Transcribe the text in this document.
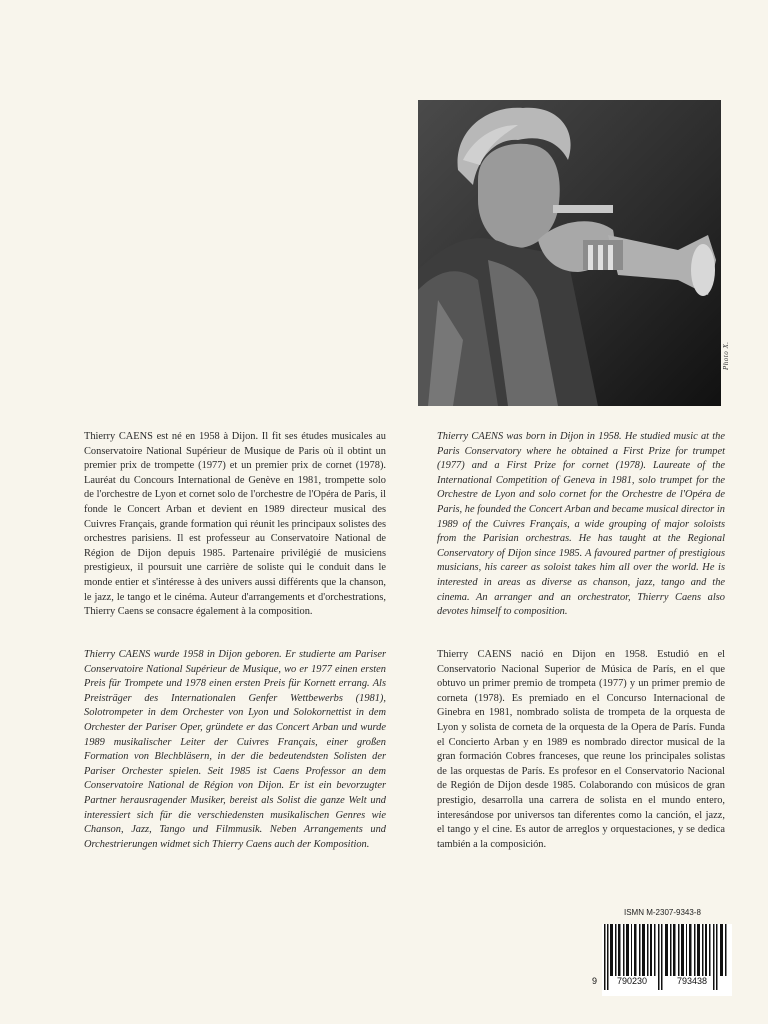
Photo X.

Thierry CAENS est né en 1958 à Dijon. Il fit ses études musicales au Conservatoire National Supérieur de Musique de Paris où il obtint un premier prix de trompette (1977) et un premier prix de cornet (1978). Lauréat du Concours International de Genève en 1981, trompette solo de l'orchestre de Lyon et cornet solo de l'orchestre de l'Opéra de Paris, il fonde le Concert Arban et devient en 1989 directeur musical des Cuivres Français, grande formation qui réunit les principaux solistes des orchestres parisiens. Il est professeur au Conservatoire National de Région de Dijon depuis 1985. Partenaire privilégié de musiciens prestigieux, il poursuit une carrière de soliste qui le conduit dans le monde entier et s'intéresse à des univers aussi différents que la chanson, le jazz, le tango et le cinéma. Auteur d'arrangements et d'orchestrations, Thierry Caens se consacre également à la composition.

Thierry CAENS was born in Dijon in 1958. He studied music at the Paris Conservatory where he obtained a First Prize for trumpet (1977) and a First Prize for cornet (1978). Laureate of the International Competition of Geneva in 1981, solo trumpet for the Orchestre de Lyon and solo cornet for the Orchestre de l'Opéra de Paris, he founded the Concert Arban and became musical director in 1989 of the Cuivres Français, a wide grouping of major soloists from the Parisian orchestras. He has taught at the Regional Conservatory of Dijon since 1985. A favoured partner of prestigious musicians, his career as soloist takes him all over the world. He is interested in areas as diverse as chanson, jazz, tango and the cinema. An arranger and an orchestrator, Thierry Caens also devotes himself to composition.

Thierry CAENS wurde 1958 in Dijon geboren. Er studierte am Pariser Conservatoire National Supérieur de Musique, wo er 1977 einen ersten Preis für Trompete und 1978 einen ersten Preis für Kornett errang. Als Preisträger des Internationalen Genfer Wettbewerbs (1981), Solotrompeter in dem Orchester von Lyon und Solokornettist in dem Orchester der Pariser Oper, gründete er das Concert Arban und wurde 1989 musikalischer Leiter der Cuivres Français, einer großen Formation von Blechbläsern, in der die bedeutendsten Solisten der Pariser Orchester spielen. Seit 1985 ist Caens Professor an dem Conservatoire National de Région von Dijon. Er ist ein bevorzugter Partner herausragender Musiker, bereist als Solist die ganze Welt und interessiert sich für die verschiedensten musikalischen Genres wie Chanson, Jazz, Tango und Filmmusik. Neben Arrangements und Orchestrierungen widmet sich Thierry Caens auch der Komposition.

Thierry CAENS nació en Dijon en 1958. Estudió en el Conservatorio Nacional Superior de Música de París, en el que obtuvo un primer premio de trompeta (1977) y un primer premio de corneta (1978). Es premiado en el Concurso Internacional de Ginebra en 1981, nombrado solista de trompeta de la orquesta de Lyon y solista de corneta de la orquesta de la Opera de París. Funda el Concierto Arban y en 1989 es nombrado director musical de la gran formación Cobres franceses, que reune los principales solistas de las orquestas de París. Es profesor en el Conservatorio Nacional de Región de Dijon desde 1985. Colaborando con músicos de gran prestigio, desarrolla una carrera de solista en el mundo entero, interesándose por universos tan diferentes como la canción, el jazz, el tango y el cine. Es autor de arreglos y orquestaciones, y se dedica también a la composición.

ISMN M-2307-9343-8
9 790230	793438
